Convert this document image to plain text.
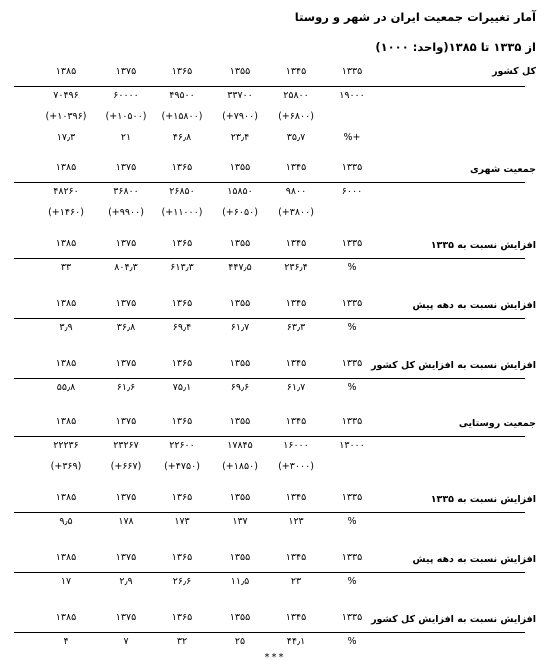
آمار تغییرات جمعیت ایران در شهر و روستا
از ۱۳۳۵ تا ۱۳۸۵(واحد: ۱۰۰۰)
کل کشور
۱۳۳۵
۱۳۴۵
۱۳۵۵
۱۳۶۵
۱۳۷۵
۱۳۸۵
۱۹۰۰۰
۲۵۸۰۰
۳۳۷۰۰
۴۹۵۰۰
۶۰۰۰۰
۷۰۴۹۶
(۶۸۰۰+)
(۷۹۰۰+)
(۱۵۸۰۰+)
(۱۰۵۰۰+)
(۱۰۳۹۶+)
+%
۳۵٫۷
۲۳٫۴
۴۶٫۸
۲۱
۱۷٫۳
جمعیت شهری
۱۳۳۵
۱۳۴۵
۱۳۵۵
۱۳۶۵
۱۳۷۵
۱۳۸۵
۶۰۰۰
۹۸۰۰
۱۵۸۵۰
۲۶۸۵۰
۳۶۸۰۰
۴۸۲۶۰
(۳۸۰۰+)
(۶۰۵۰+)
(۱۱۰۰۰+)
(۹۹۰۰+)
(۱۴۶۰+)
افزایش نسبت به ۱۳۳۵
۱۳۳۵
۱۳۴۵
۱۳۵۵
۱۳۶۵
۱۳۷۵
۱۳۸۵
%
۲۳۶٫۴
۴۴۷٫۵
۶۱۳٫۳
۸۰۴٫۳
۳۳
افزایش نسبت به دهه پیش
۱۳۳۵
۱۳۴۵
۱۳۵۵
۱۳۶۵
۱۳۷۵
۱۳۸۵
%
۶۳٫۳
۶۱٫۷
۶۹٫۴
۳۶٫۸
۳٫۹
افزایش نسبت به افزایش کل کشور
۱۳۳۵
۱۳۴۵
۱۳۵۵
۱۳۶۵
۱۳۷۵
۱۳۸۵
%
۶۱٫۷
۶۹٫۶
۷۵٫۱
۶۱٫۶
۵۵٫۸
جمعیت روستایی
۱۳۳۵
۱۳۴۵
۱۳۵۵
۱۳۶۵
۱۳۷۵
۱۳۸۵
۱۳۰۰۰
۱۶۰۰۰
۱۷۸۴۵
۲۲۶۰۰
۲۳۲۶۷
۲۲۲۳۶
(۳۰۰۰+)
(۱۸۵۰+)
(۴۷۵۰+)
(۶۶۷+)
(۳۶۹+)
افزایش نسبت به ۱۳۳۵
۱۳۳۵
۱۳۴۵
۱۳۵۵
۱۳۶۵
۱۳۷۵
۱۳۸۵
%
۱۲۳
۱۳۷
۱۷۳
۱۷۸
۹٫۵
افزایش نسبت به دهه پیش
۱۳۳۵
۱۳۴۵
۱۳۵۵
۱۳۶۵
۱۳۷۵
۱۳۸۵
%
۲۳
۱۱٫۵
۲۶٫۶
۲٫۹
۱۷
افزایش نسبت به افزایش کل کشور
۱۳۳۵
۱۳۴۵
۱۳۵۵
۱۳۶۵
۱۳۷۵
۱۳۸۵
%
۴۴٫۱
۲۵
۳۲
۷
۴
***
